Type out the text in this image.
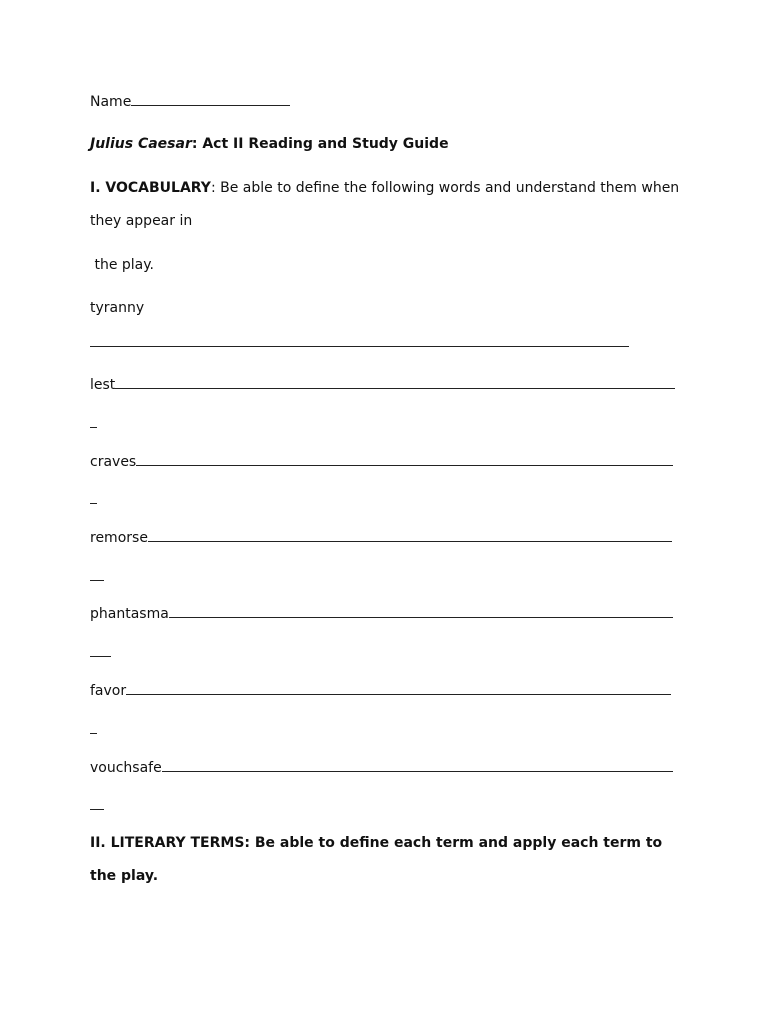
Name
Julius Caesar: Act II Reading and Study Guide
I. VOCABULARY: Be able to define the following words and understand them when
they appear in
the play.
tyranny
lest
craves
remorse
phantasma
favor
vouchsafe
II. LITERARY TERMS: Be able to define each term and apply each term to
the play.
